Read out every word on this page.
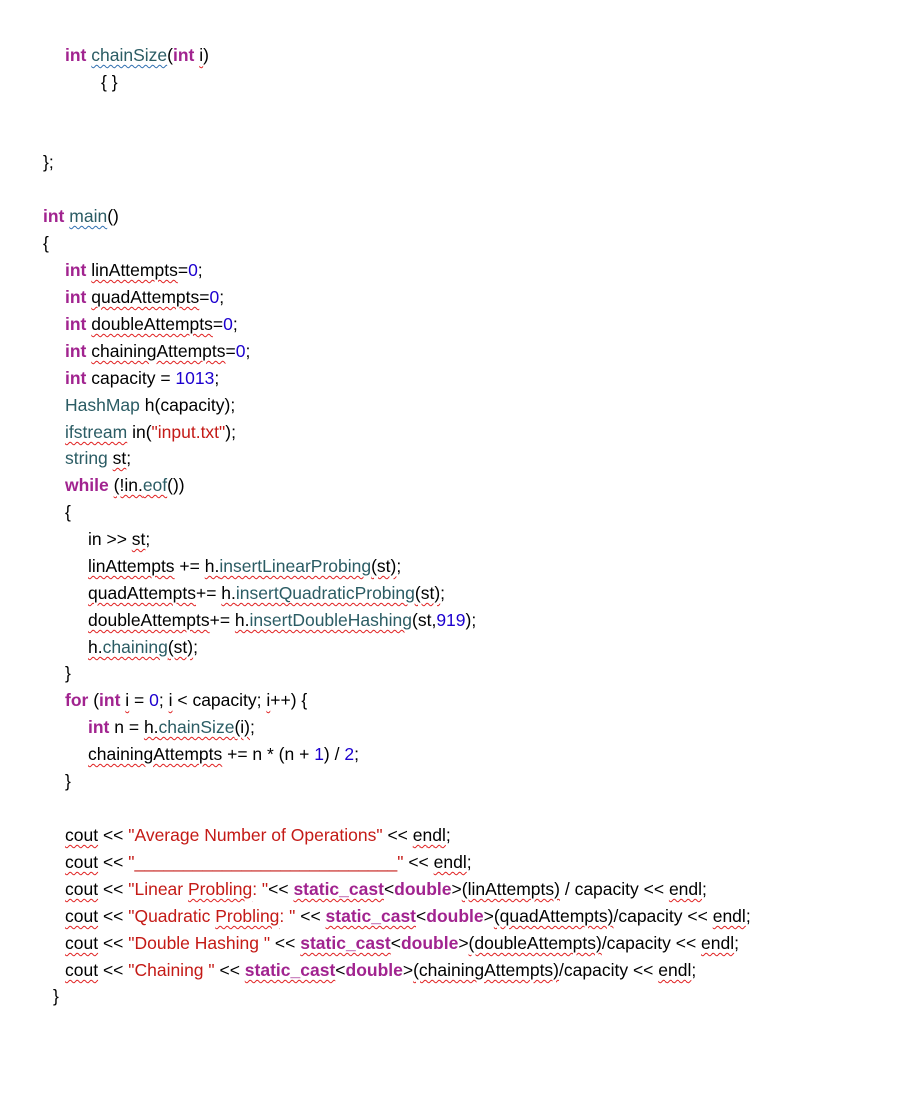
int chainSize(int i)
{ }
};
int main()
{
int linAttempts=0;
int quadAttempts=0;
int doubleAttempts=0;
int chainingAttempts=0;
int capacity = 1013;
HashMap h(capacity);
ifstream in("input.txt");
string st;
while (!in.eof())
{
in >> st;
linAttempts += h.insertLinearProbing(st);
quadAttempts+= h.insertQuadraticProbing(st);
doubleAttempts+= h.insertDoubleHashing(st,919);
h.chaining(st);
}
for (int i = 0; i < capacity; i++) {
int n = h.chainSize(i);
chainingAttempts += n * (n + 1) / 2;
}
cout << "Average Number of Operations" << endl;
cout << "___________________________" << endl;
cout << "Linear Probling: "<< static_cast<double>(linAttempts) / capacity << endl;
cout << "Quadratic Probling: " << static_cast<double>(quadAttempts)/capacity << endl;
cout << "Double Hashing " << static_cast<double>(doubleAttempts)/capacity << endl;
cout << "Chaining " << static_cast<double>(chainingAttempts)/capacity << endl;
}
